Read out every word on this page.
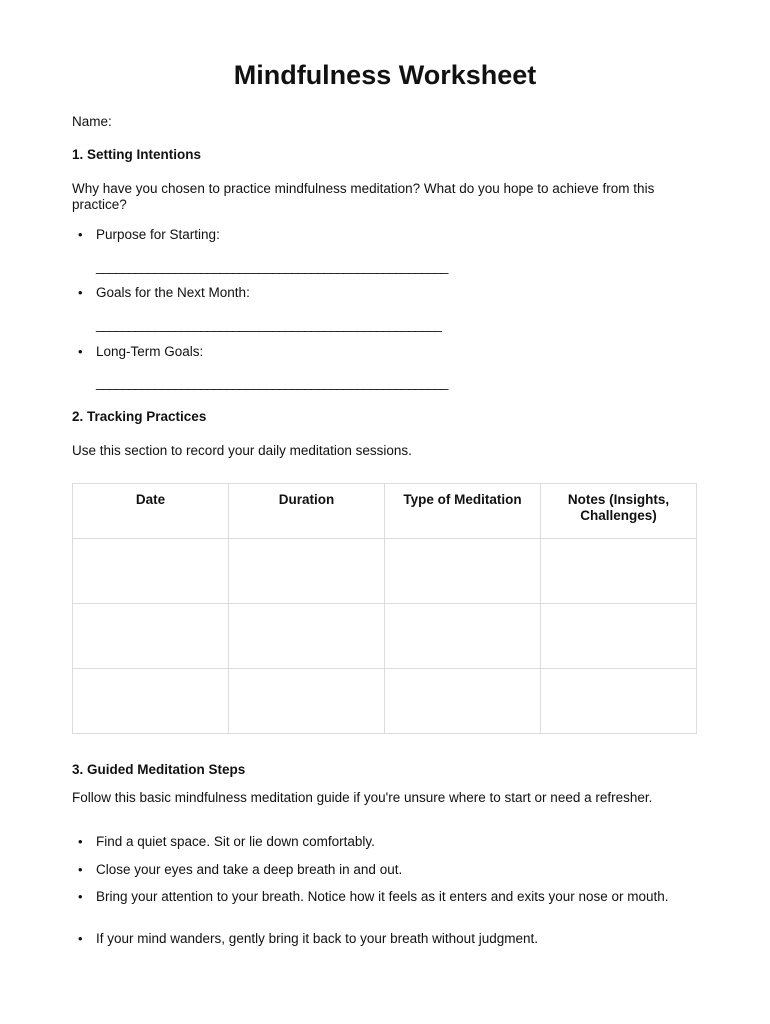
Mindfulness Worksheet
Name:
1. Setting Intentions
Why have you chosen to practice mindfulness meditation? What do you hope to achieve from this practice?
• Purpose for Starting:
______________________________________________________
• Goals for the Next Month:
_____________________________________________________
• Long-Term Goals:
______________________________________________________
2. Tracking Practices
Use this section to record your daily meditation sessions.
Date	Duration	Type of Meditation	Notes (Insights, Challenges)

3. Guided Meditation Steps
Follow this basic mindfulness meditation guide if you're unsure where to start or need a refresher.
• Find a quiet space. Sit or lie down comfortably.
• Close your eyes and take a deep breath in and out.
• Bring your attention to your breath. Notice how it feels as it enters and exits your nose or mouth.
• If your mind wanders, gently bring it back to your breath without judgment.
